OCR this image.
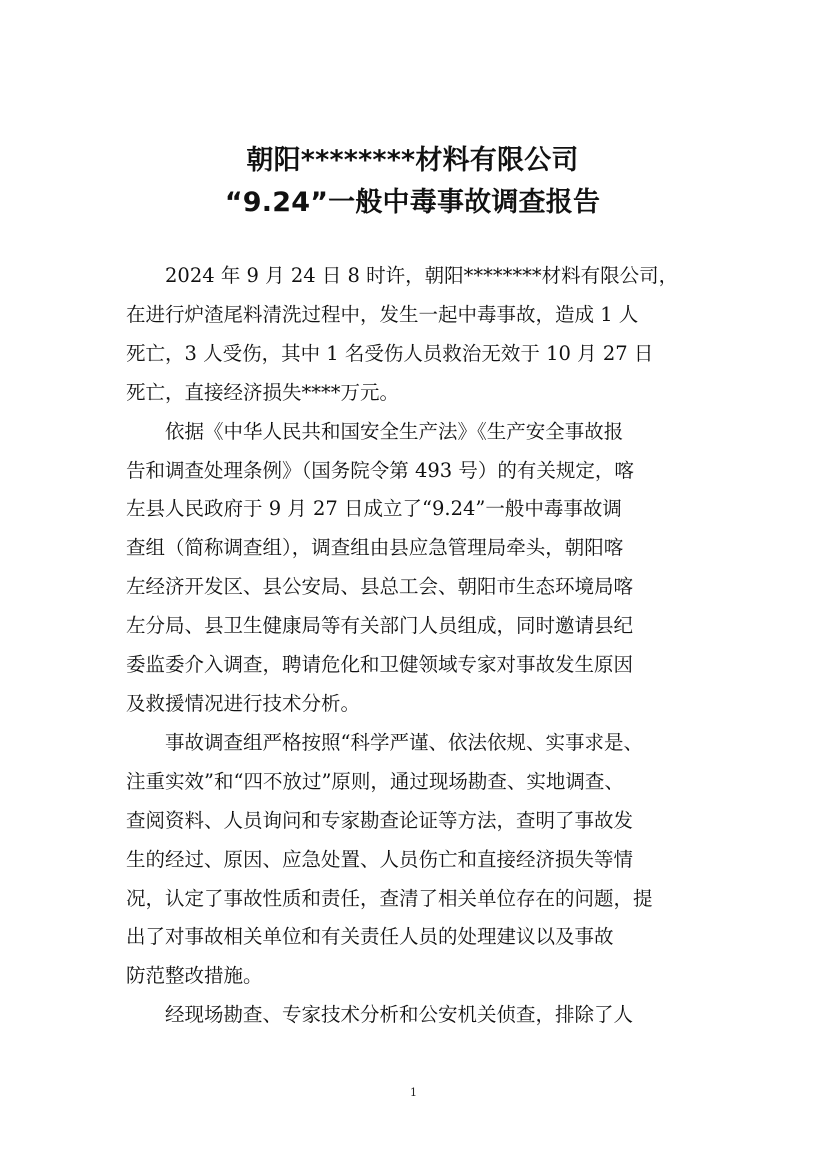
朝阳********材料有限公司
“9.24”一般中毒事故调查报告

2024 年 9 月 24 日 8 时许，朝阳********材料有限公司，
在进行炉渣尾料清洗过程中，发生一起中毒事故，造成 1 人
死亡，3 人受伤，其中 1 名受伤人员救治无效于 10 月 27 日
死亡，直接经济损失****万元。

依据《中华人民共和国安全生产法》《生产安全事故报
告和调查处理条例》（国务院令第 493 号）的有关规定，喀
左县人民政府于 9 月 27 日成立了“9.24”一般中毒事故调
查组（简称调查组），调查组由县应急管理局牵头，朝阳喀
左经济开发区、县公安局、县总工会、朝阳市生态环境局喀
左分局、县卫生健康局等有关部门人员组成，同时邀请县纪
委监委介入调查，聘请危化和卫健领域专家对事故发生原因
及救援情况进行技术分析。

事故调查组严格按照“科学严谨、依法依规、实事求是、
注重实效”和“四不放过”原则，通过现场勘查、实地调查、
查阅资料、人员询问和专家勘查论证等方法，查明了事故发
生的经过、原因、应急处置、人员伤亡和直接经济损失等情
况，认定了事故性质和责任，查清了相关单位存在的问题，提
出了对事故相关单位和有关责任人员的处理建议以及事故
防范整改措施。

经现场勘查、专家技术分析和公安机关侦查，排除了人

1
